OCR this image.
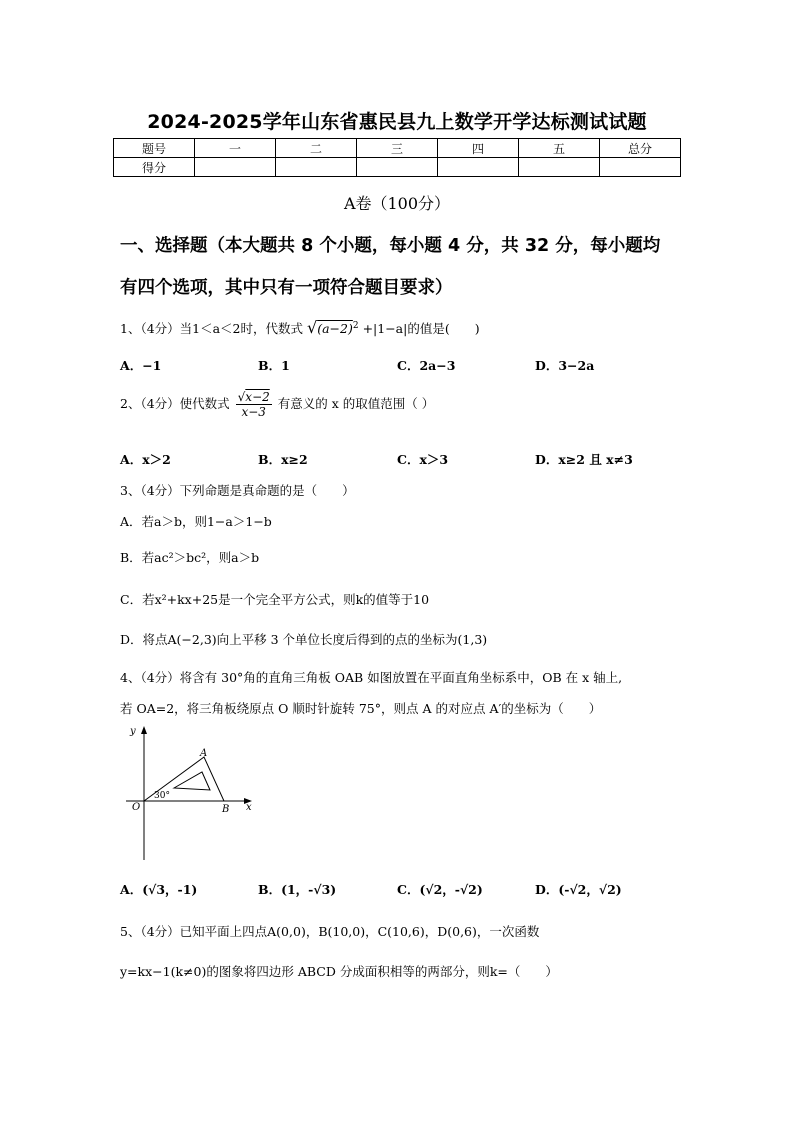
2024-2025学年山东省惠民县九上数学开学达标测试试题
题号	一	二	三	四	五	总分
得分						
A卷（100分）
一、选择题（本大题共 8 个小题，每小题 4 分，共 32 分，每小题均
有四个选项，其中只有一项符合题目要求）
1、（4分）当1＜a＜2时，代数式 $√(a-2)^2 +|1-a|$的值是(　　)
A．−1	B．1	C．2a−3	D．3−2a
2、（4分）使代数式 $\frac{√x-2}{x-3}$ 有意义的 x 的取值范围（ ）
A．x＞2	B．x≥2	C．x＞3	D．x≥2 且 x≠3
3、（4分）下列命题是真命题的是（　　）
A．若a＞b，则1−a＞1−b
B．若ac²＞bc²，则a＞b
C．若x²+kx+25是一个完全平方公式，则k的值等于10
D．将点A(−2,3)向上平移 3 个单位长度后得到的点的坐标为(1,3)
4、（4分）将含有 30°角的直角三角板 OAB 如图放置在平面直角坐标系中，OB 在 x 轴上,
若 OA=2，将三角板绕原点 O 顺时针旋转 75°，则点 A 的对应点 A′的坐标为（　　）
y
x
O
A
B
30°
A．(√3，-1)	B．(1，-√3)	C．(√2，-√2)	D．(-√2，√2)
5、（4分）已知平面上四点A(0,0)，B(10,0)，C(10,6)，D(0,6)，一次函数
y=kx−1(k≠0)的图象将四边形 ABCD 分成面积相等的两部分，则k=（　　）
